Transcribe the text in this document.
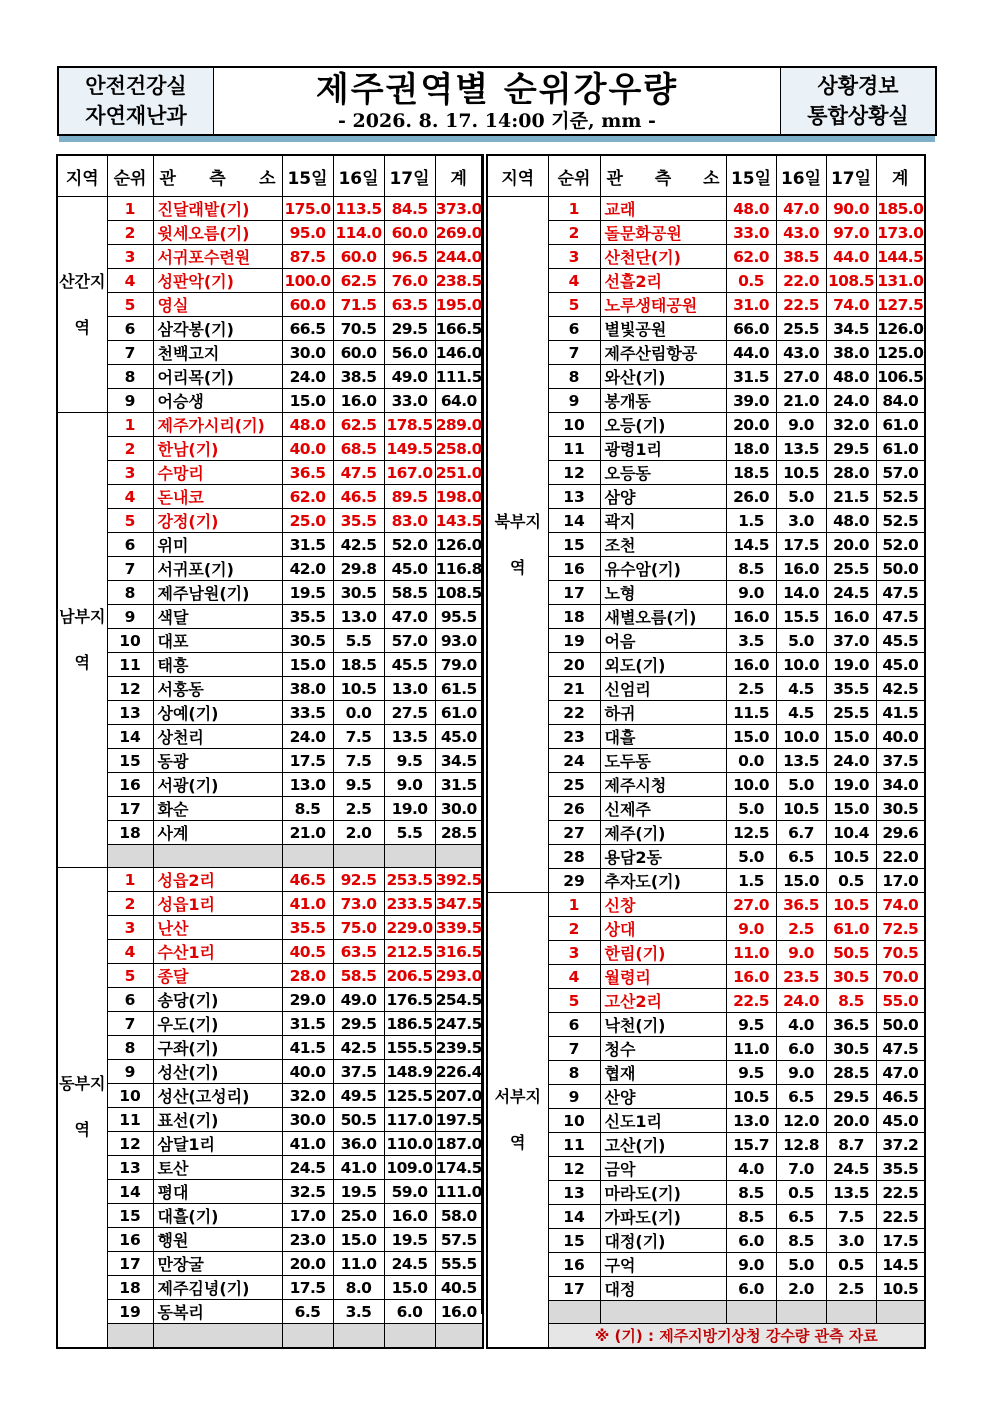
안전건강실
자연재난과
제주권역별 순위강우량
- 2026. 8. 17. 14:00 기준, mm -
상황경보
통합상황실
지역	순위	관 측 소	15일	16일	17일	계
산간지역	1	진달래밭(기)	175.0	113.5	84.5	373.0
	2	윗세오름(기)	95.0	114.0	60.0	269.0
	3	서귀포수련원	87.5	60.0	96.5	244.0
	4	성판악(기)	100.0	62.5	76.0	238.5
	5	영실	60.0	71.5	63.5	195.0
	6	삼각봉(기)	66.5	70.5	29.5	166.5
	7	천백고지	30.0	60.0	56.0	146.0
	8	어리목(기)	24.0	38.5	49.0	111.5
	9	어승생	15.0	16.0	33.0	64.0
남부지역	1	제주가시리(기)	48.0	62.5	178.5	289.0
	2	한남(기)	40.0	68.5	149.5	258.0
	3	수망리	36.5	47.5	167.0	251.0
	4	돈내코	62.0	46.5	89.5	198.0
	5	강정(기)	25.0	35.5	83.0	143.5
	6	위미	31.5	42.5	52.0	126.0
	7	서귀포(기)	42.0	29.8	45.0	116.8
	8	제주남원(기)	19.5	30.5	58.5	108.5
	9	색달	35.5	13.0	47.0	95.5
	10	대포	30.5	5.5	57.0	93.0
	11	태흥	15.0	18.5	45.5	79.0
	12	서홍동	38.0	10.5	13.0	61.5
	13	상예(기)	33.5	0.0	27.5	61.0
	14	상천리	24.0	7.5	13.5	45.0
	15	동광	17.5	7.5	9.5	34.5
	16	서광(기)	13.0	9.5	9.0	31.5
	17	화순	8.5	2.5	19.0	30.0
	18	사계	21.0	2.0	5.5	28.5

동부지역	1	성읍2리	46.5	92.5	253.5	392.5
	2	성읍1리	41.0	73.0	233.5	347.5
	3	난산	35.5	75.0	229.0	339.5
	4	수산1리	40.5	63.5	212.5	316.5
	5	종달	28.0	58.5	206.5	293.0
	6	송당(기)	29.0	49.0	176.5	254.5
	7	우도(기)	31.5	29.5	186.5	247.5
	8	구좌(기)	41.5	42.5	155.5	239.5
	9	성산(기)	40.0	37.5	148.9	226.4
	10	성산(고성리)	32.0	49.5	125.5	207.0
	11	표선(기)	30.0	50.5	117.0	197.5
	12	삼달1리	41.0	36.0	110.0	187.0
	13	토산	24.5	41.0	109.0	174.5
	14	평대	32.5	19.5	59.0	111.0
	15	대흘(기)	17.0	25.0	16.0	58.0
	16	행원	23.0	15.0	19.5	57.5
	17	만장굴	20.0	11.0	24.5	55.5
	18	제주김녕(기)	17.5	8.0	15.0	40.5
	19	동복리	6.5	3.5	6.0	16.0

지역	순위	관 측 소	15일	16일	17일	계
북부지역	1	교래	48.0	47.0	90.0	185.0
	2	돌문화공원	33.0	43.0	97.0	173.0
	3	산천단(기)	62.0	38.5	44.0	144.5
	4	선흘2리	0.5	22.0	108.5	131.0
	5	노루생태공원	31.0	22.5	74.0	127.5
	6	별빛공원	66.0	25.5	34.5	126.0
	7	제주산림항공	44.0	43.0	38.0	125.0
	8	와산(기)	31.5	27.0	48.0	106.5
	9	봉개동	39.0	21.0	24.0	84.0
	10	오등(기)	20.0	9.0	32.0	61.0
	11	광령1리	18.0	13.5	29.5	61.0
	12	오등동	18.5	10.5	28.0	57.0
	13	삼양	26.0	5.0	21.5	52.5
	14	곽지	1.5	3.0	48.0	52.5
	15	조천	14.5	17.5	20.0	52.0
	16	유수암(기)	8.5	16.0	25.5	50.0
	17	노형	9.0	14.0	24.5	47.5
	18	새별오름(기)	16.0	15.5	16.0	47.5
	19	어음	3.5	5.0	37.0	45.5
	20	외도(기)	16.0	10.0	19.0	45.0
	21	신엄리	2.5	4.5	35.5	42.5
	22	하귀	11.5	4.5	25.5	41.5
	23	대흘	15.0	10.0	15.0	40.0
	24	도두동	0.0	13.5	24.0	37.5
	25	제주시청	10.0	5.0	19.0	34.0
	26	신제주	5.0	10.5	15.0	30.5
	27	제주(기)	12.5	6.7	10.4	29.6
	28	용담2동	5.0	6.5	10.5	22.0
	29	추자도(기)	1.5	15.0	0.5	17.0
서부지역	1	신창	27.0	36.5	10.5	74.0
	2	상대	9.0	2.5	61.0	72.5
	3	한림(기)	11.0	9.0	50.5	70.5
	4	월령리	16.0	23.5	30.5	70.0
	5	고산2리	22.5	24.0	8.5	55.0
	6	낙천(기)	9.5	4.0	36.5	50.0
	7	청수	11.0	6.0	30.5	47.5
	8	협재	9.5	9.0	28.5	47.0
	9	산양	10.5	6.5	29.5	46.5
	10	신도1리	13.0	12.0	20.0	45.0
	11	고산(기)	15.7	12.8	8.7	37.2
	12	금악	4.0	7.0	24.5	35.5
	13	마라도(기)	8.5	0.5	13.5	22.5
	14	가파도(기)	8.5	6.5	7.5	22.5
	15	대정(기)	6.0	8.5	3.0	17.5
	16	구억	9.0	5.0	0.5	14.5
	17	대정	6.0	2.0	2.5	10.5

	※ (기) : 제주지방기상청 강수량 관측 자료					
